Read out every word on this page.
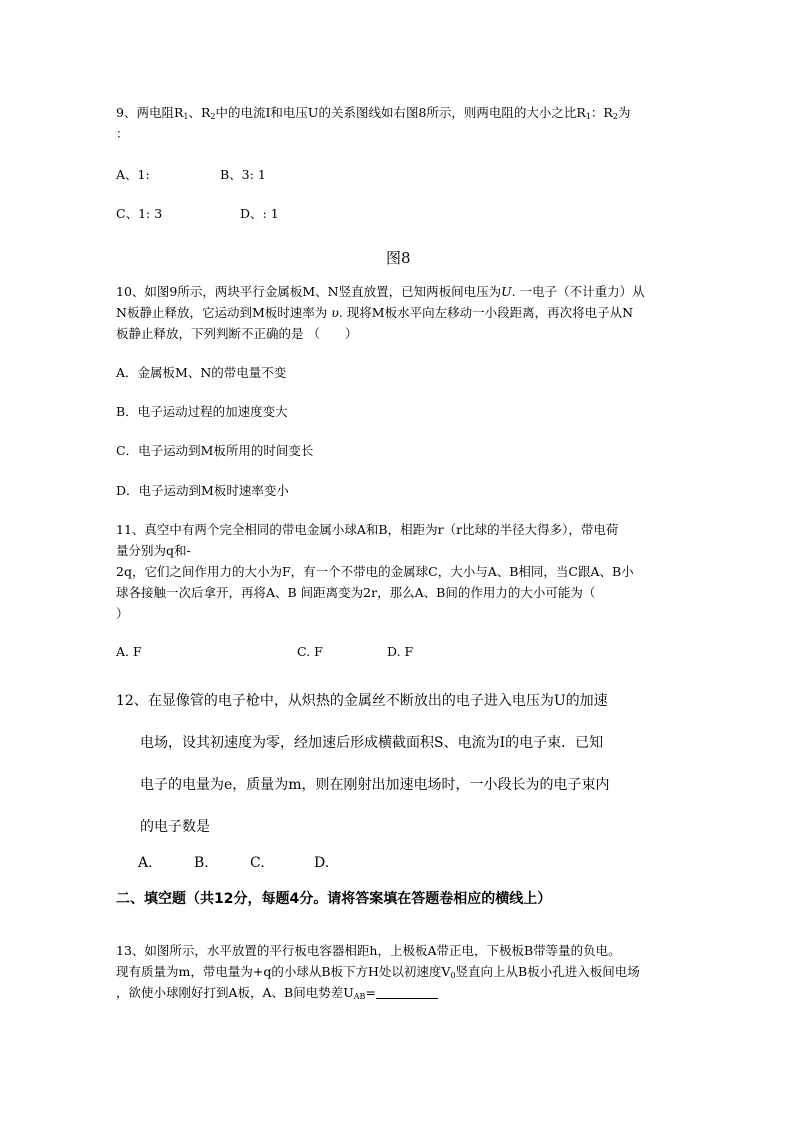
9、两电阻$R_1$、$R_2$中的电流I和电压U的关系图线如右图8所示，则两电阻的大小之比$R_1$：$R_2$为
：
A、1:	B、3: 1
C、1: 3	D、: 1
图8
10、如图9所示，两块平行金属板M、N竖直放置，已知两板间电压为U. 一电子（不计重力）从
N板静止释放，它运动到M板时速率为 υ. 现将M板水平向左移动一小段距离，再次将电子从N
板静止释放，下列判断不正确的是 （　　）
A．金属板M、N的带电量不变
B．电子运动过程的加速度变大
C．电子运动到M板所用的时间变长
D．电子运动到M板时速率变小
11、真空中有两个完全相同的带电金属小球A和B，相距为r（r比球的半径大得多），带电荷
量分别为q和-
2q，它们之间作用力的大小为F，有一个不带电的金属球C，大小与A、B相同，当C跟A、B小
球各接触一次后拿开，再将A、B 间距离变为2r，那么A、B间的作用力的大小可能为（
）
A. F	C. F	D. F
12、在显像管的电子枪中，从炽热的金属丝不断放出的电子进入电压为U的加速
电场，设其初速度为零，经加速后形成横截面积S、电流为I的电子束．已知
电子的电量为e，质量为m，则在刚射出加速电场时，一小段长为的电子束内
的电子数是
A.	B.	C.	D.
二、填空题（共12分，每题4分。请将答案填在答题卷相应的横线上）
13、如图所示，水平放置的平行板电容器相距h，上极板A带正电，下极板B带等量的负电。
现有质量为m，带电量为+q的小球从B板下方H处以初速度$V_0$竖直向上从B板小孔进入板间电场
，欲使小球刚好打到A板，A、B间电势差$U_{AB}=$
